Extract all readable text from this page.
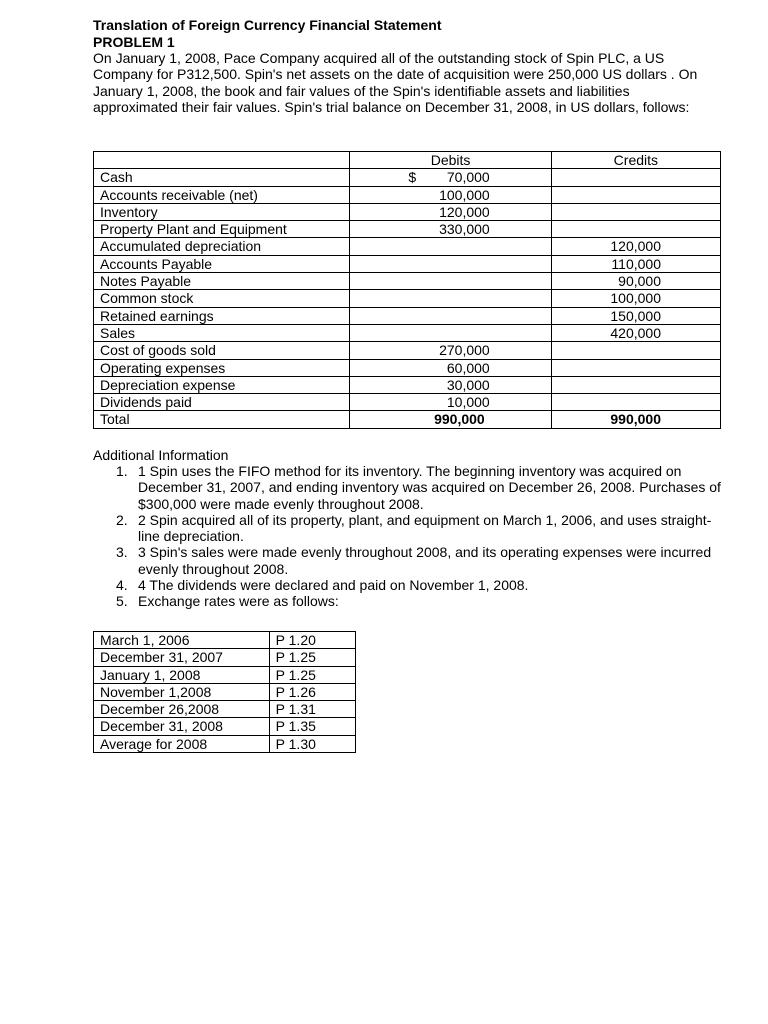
Translation of Foreign Currency Financial Statement
PROBLEM 1
On January 1, 2008, Pace Company acquired all of the outstanding stock of Spin PLC, a US Company for P312,500. Spin's net assets on the date of acquisition were 250,000 US dollars . On January 1, 2008, the book and fair values of the Spin's identifiable assets and liabilities approximated their fair values. Spin's trial balance on December 31, 2008, in US dollars, follows:
	Debits	Credits
Cash	$ 70,000	

Accounts receivable (net)	100,000	

Inventory	120,000	

Property Plant and Equipment	330,000	

Accumulated depreciation		120,000

Accounts Payable		110,000

Notes Payable		90,000

Common stock		100,000

Retained earnings		150,000

Sales		420,000

Cost of goods sold	270,000	

Operating expenses	60,000	

Depreciation expense	30,000	

Dividends paid	10,000	

Total	990,000	990,000
Additional Information
1. 1 Spin uses the FIFO method for its inventory. The beginning inventory was acquired on December 31, 2007, and ending inventory was acquired on December 26, 2008. Purchases of $300,000 were made evenly throughout 2008.
2. 2 Spin acquired all of its property, plant, and equipment on March 1, 2006, and uses straight-line depreciation.
3. 3 Spin's sales were made evenly throughout 2008, and its operating expenses were incurred evenly throughout 2008.
4. 4 The dividends were declared and paid on November 1, 2008.
5. Exchange rates were as follows:
March 1, 2006	P 1.20
December 31, 2007	P 1.25
January 1, 2008	P 1.25
November 1,2008	P 1.26
December 26,2008	P 1.31
December 31, 2008	P 1.35
Average for 2008	P 1.30
